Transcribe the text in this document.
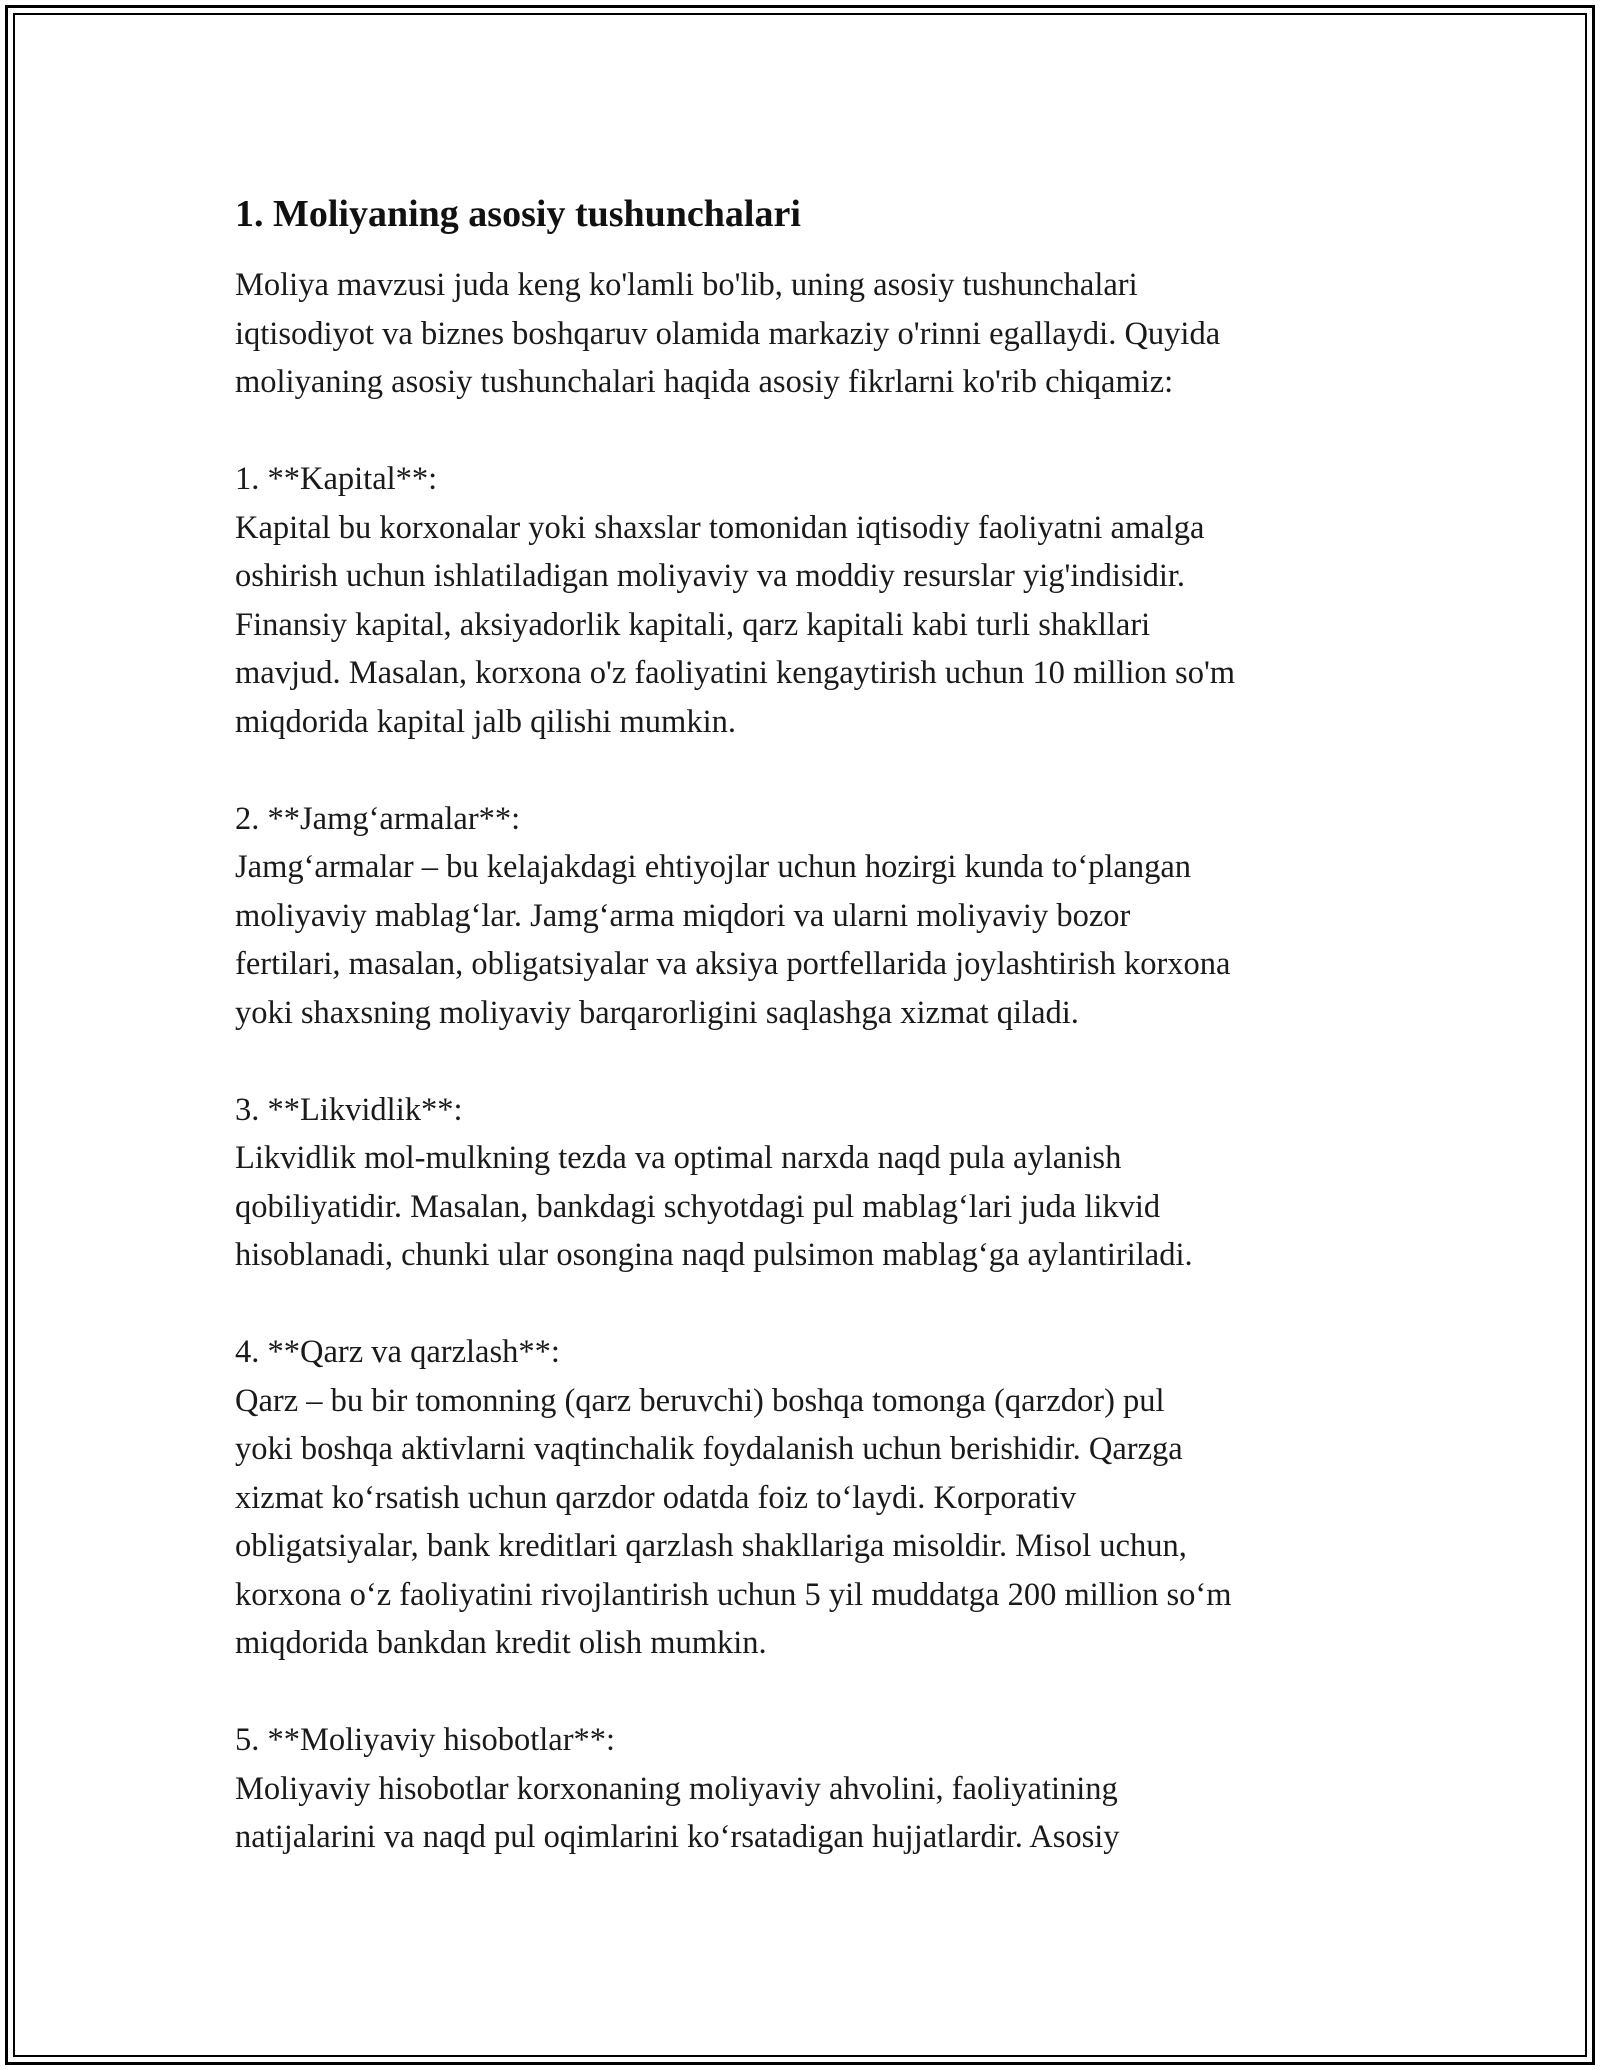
1. Moliyaning asosiy tushunchalari

Moliya mavzusi juda keng ko'lamli bo'lib, uning asosiy tushunchalari
iqtisodiyot va biznes boshqaruv olamida markaziy o'rinni egallaydi. Quyida
moliyaning asosiy tushunchalari haqida asosiy fikrlarni ko'rib chiqamiz:

1. **Kapital**:

Kapital bu korxonalar yoki shaxslar tomonidan iqtisodiy faoliyatni amalga
oshirish uchun ishlatiladigan moliyaviy va moddiy resurslar yig'indisidir.
Finansiy kapital, aksiyadorlik kapitali, qarz kapitali kabi turli shakllari
mavjud. Masalan, korxona o'z faoliyatini kengaytirish uchun 10 million so'm
miqdorida kapital jalb qilishi mumkin.

2. **Jamg‘armalar**:

Jamg‘armalar – bu kelajakdagi ehtiyojlar uchun hozirgi kunda to‘plangan
moliyaviy mablag‘lar. Jamg‘arma miqdori va ularni moliyaviy bozor
fertilari, masalan, obligatsiyalar va aksiya portfellarida joylashtirish korxona
yoki shaxsning moliyaviy barqarorligini saqlashga xizmat qiladi.

3. **Likvidlik**:

Likvidlik mol-mulkning tezda va optimal narxda naqd pula aylanish
qobiliyatidir. Masalan, bankdagi schyotdagi pul mablag‘lari juda likvid
hisoblanadi, chunki ular osongina naqd pulsimon mablag‘ga aylantiriladi.

4. **Qarz va qarzlash**:

Qarz – bu bir tomonning (qarz beruvchi) boshqa tomonga (qarzdor) pul
yoki boshqa aktivlarni vaqtinchalik foydalanish uchun berishidir. Qarzga
xizmat ko‘rsatish uchun qarzdor odatda foiz to‘laydi. Korporativ
obligatsiyalar, bank kreditlari qarzlash shakllariga misoldir. Misol uchun,
korxona o‘z faoliyatini rivojlantirish uchun 5 yil muddatga 200 million so‘m
miqdorida bankdan kredit olish mumkin.

5. **Moliyaviy hisobotlar**:

Moliyaviy hisobotlar korxonaning moliyaviy ahvolini, faoliyatining
natijalarini va naqd pul oqimlarini ko‘rsatadigan hujjatlardir. Asosiy
